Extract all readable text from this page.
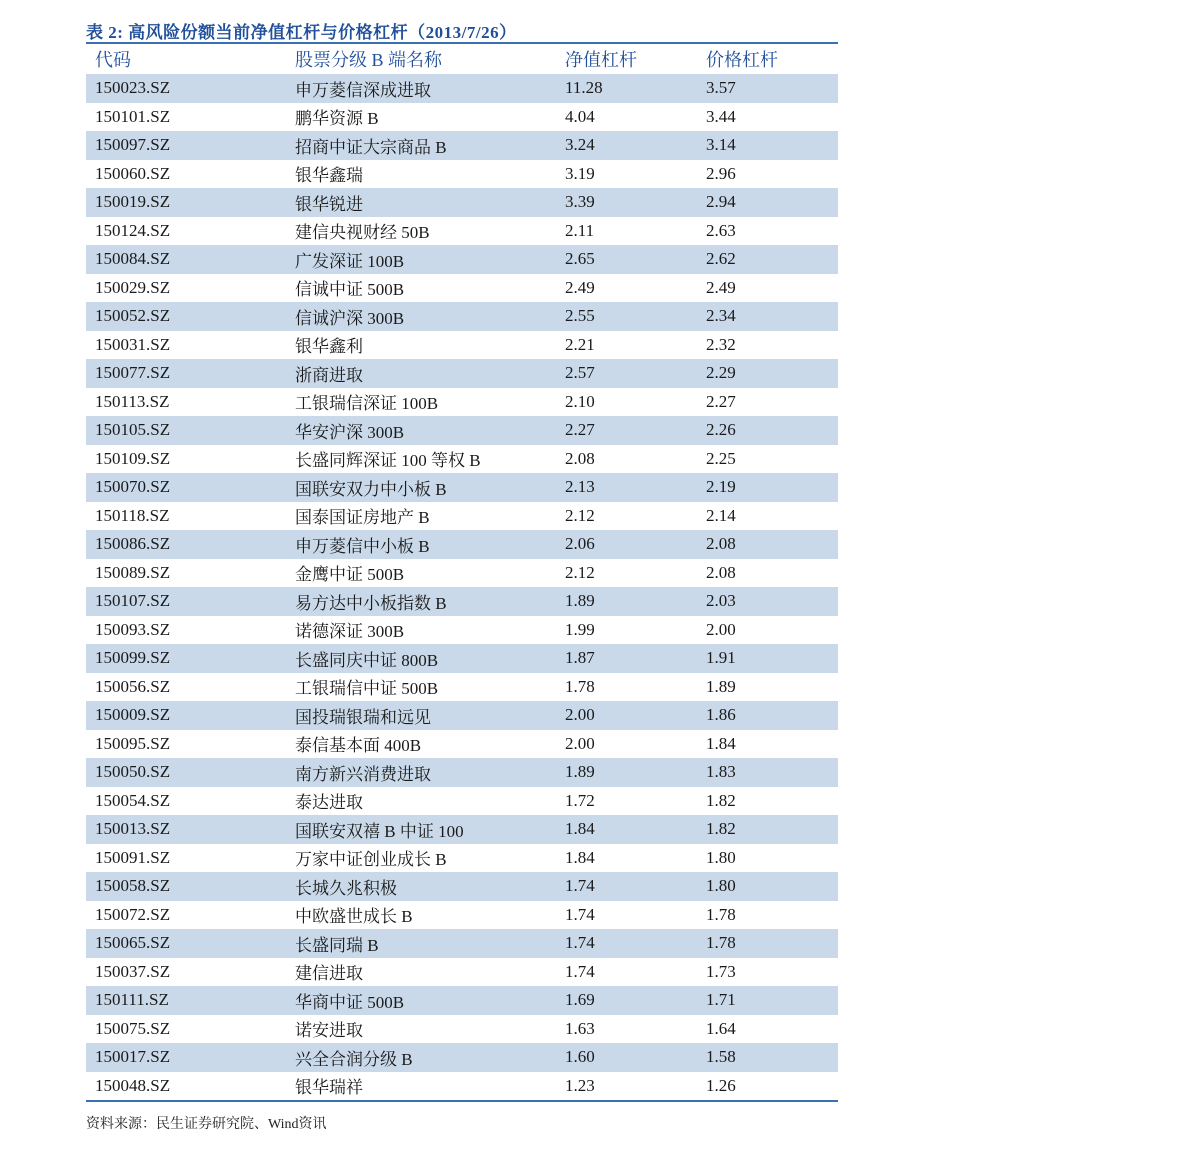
表 2: 高风险份额当前净值杠杆与价格杠杆（2013/7/26）
代码	股票分级 B 端名称	净值杠杆	价格杠杆
150023.SZ	申万菱信深成进取	11.28	3.57
150101.SZ	鹏华资源 B	4.04	3.44
150097.SZ	招商中证大宗商品 B	3.24	3.14
150060.SZ	银华鑫瑞	3.19	2.96
150019.SZ	银华锐进	3.39	2.94
150124.SZ	建信央视财经 50B	2.11	2.63
150084.SZ	广发深证 100B	2.65	2.62
150029.SZ	信诚中证 500B	2.49	2.49
150052.SZ	信诚沪深 300B	2.55	2.34
150031.SZ	银华鑫利	2.21	2.32
150077.SZ	浙商进取	2.57	2.29
150113.SZ	工银瑞信深证 100B	2.10	2.27
150105.SZ	华安沪深 300B	2.27	2.26
150109.SZ	长盛同辉深证 100 等权 B	2.08	2.25
150070.SZ	国联安双力中小板 B	2.13	2.19
150118.SZ	国泰国证房地产 B	2.12	2.14
150086.SZ	申万菱信中小板 B	2.06	2.08
150089.SZ	金鹰中证 500B	2.12	2.08
150107.SZ	易方达中小板指数 B	1.89	2.03
150093.SZ	诺德深证 300B	1.99	2.00
150099.SZ	长盛同庆中证 800B	1.87	1.91
150056.SZ	工银瑞信中证 500B	1.78	1.89
150009.SZ	国投瑞银瑞和远见	2.00	1.86
150095.SZ	泰信基本面 400B	2.00	1.84
150050.SZ	南方新兴消费进取	1.89	1.83
150054.SZ	泰达进取	1.72	1.82
150013.SZ	国联安双禧 B 中证 100	1.84	1.82
150091.SZ	万家中证创业成长 B	1.84	1.80
150058.SZ	长城久兆积极	1.74	1.80
150072.SZ	中欧盛世成长 B	1.74	1.78
150065.SZ	长盛同瑞 B	1.74	1.78
150037.SZ	建信进取	1.74	1.73
150111.SZ	华商中证 500B	1.69	1.71
150075.SZ	诺安进取	1.63	1.64
150017.SZ	兴全合润分级 B	1.60	1.58
150048.SZ	银华瑞祥	1.23	1.26
资料来源：民生证券研究院、Wind资讯
